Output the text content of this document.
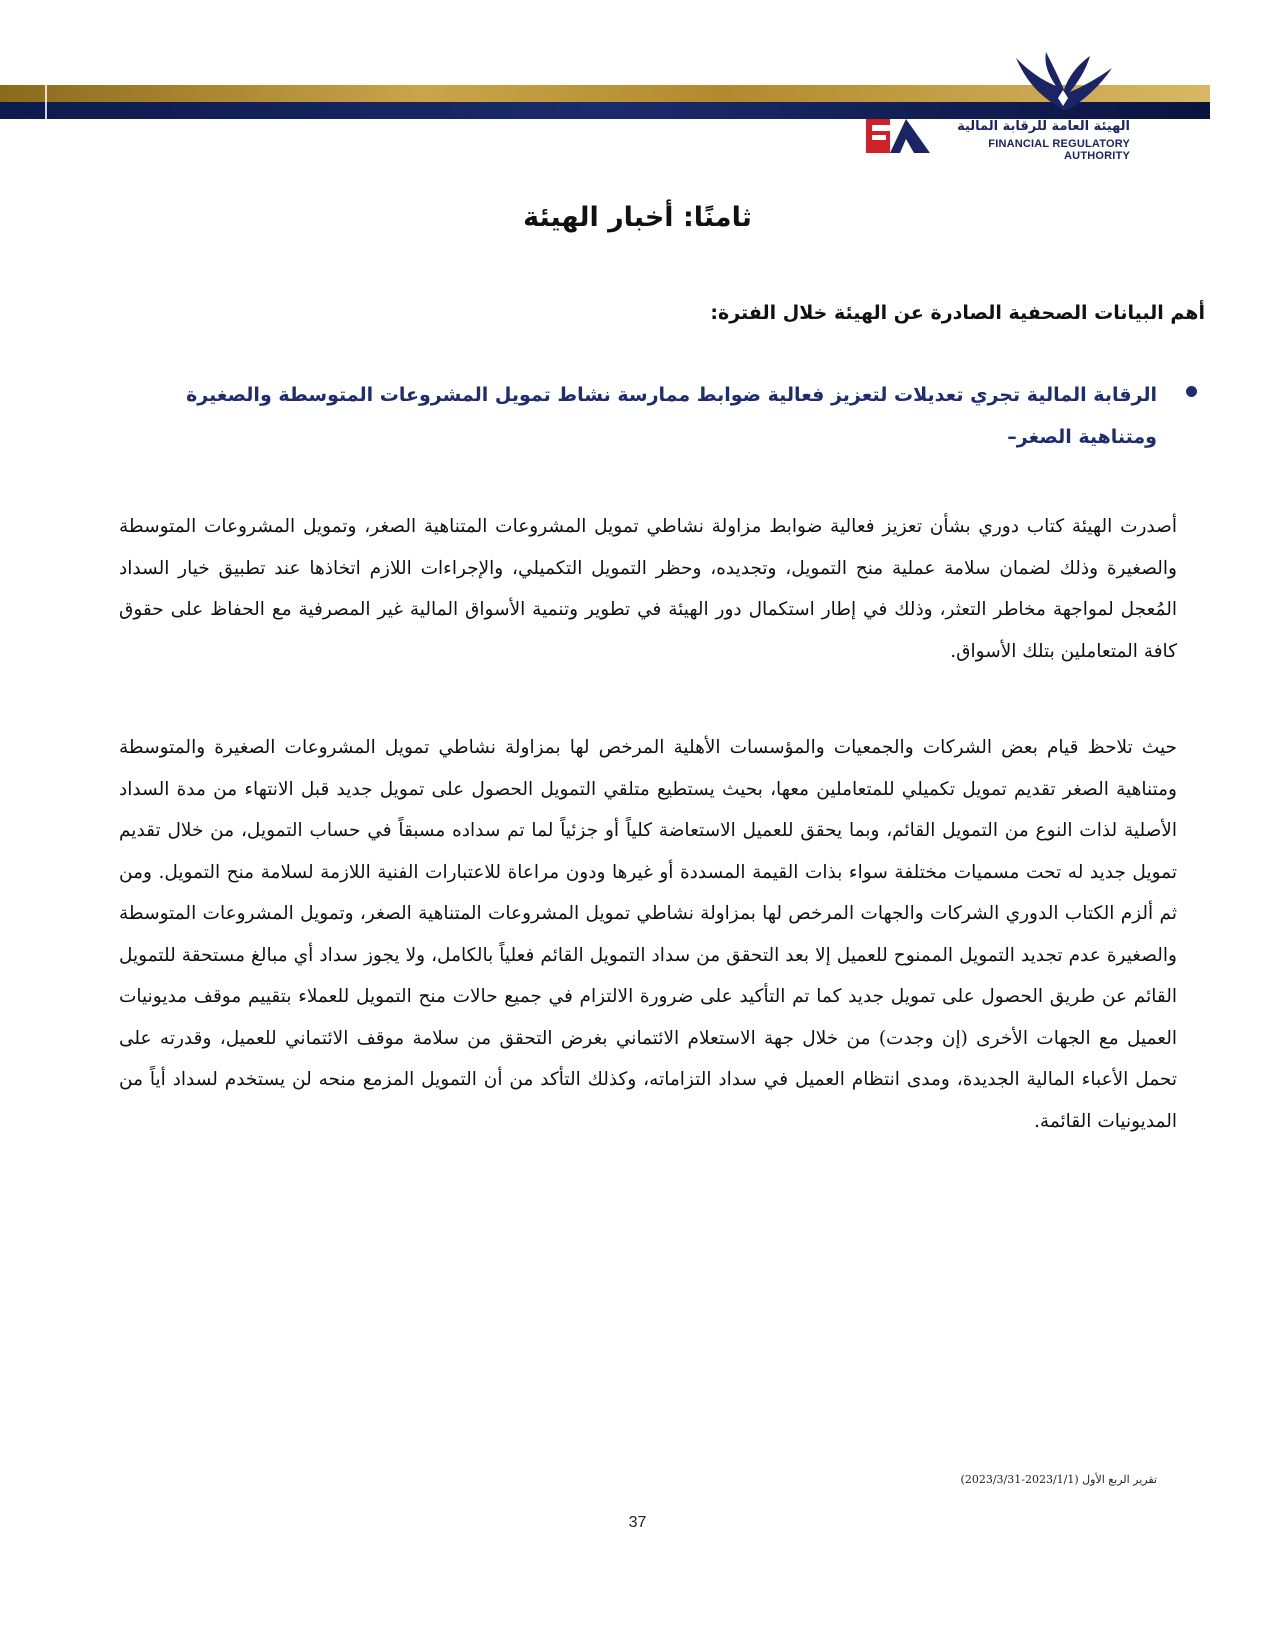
الهيئة العامة للرقابة المالية
FINANCIAL REGULATORY AUTHORITY
ثامنًا: أخبار الهيئة
أهم البيانات الصحفية الصادرة عن الهيئة خلال الفترة:
الرقابة المالية تجري تعديلات لتعزيز فعالية ضوابط ممارسة نشاط تمويل المشروعات المتوسطة والصغيرة ومتناهية الصغر–
أصدرت الهيئة كتاب دوري بشأن تعزيز فعالية ضوابط مزاولة نشاطي تمويل المشروعات المتناهية الصغر، وتمويل المشروعات المتوسطة والصغيرة وذلك لضمان سلامة عملية منح التمويل، وتجديده، وحظر التمويل التكميلي، والإجراءات اللازم اتخاذها عند تطبيق خيار السداد المُعجل لمواجهة مخاطر التعثر، وذلك في إطار استكمال دور الهيئة في تطوير وتنمية الأسواق المالية غير المصرفية مع الحفاظ على حقوق كافة المتعاملين بتلك الأسواق.
حيث تلاحظ قيام بعض الشركات والجمعيات والمؤسسات الأهلية المرخص لها بمزاولة نشاطي تمويل المشروعات الصغيرة والمتوسطة ومتناهية الصغر تقديم تمويل تكميلي للمتعاملين معها، بحيث يستطيع متلقي التمويل الحصول على تمويل جديد قبل الانتهاء من مدة السداد الأصلية لذات النوع من التمويل القائم، وبما يحقق للعميل الاستعاضة كلياً أو جزئياً لما تم سداده مسبقاً في حساب التمويل، من خلال تقديم تمويل جديد له تحت مسميات مختلفة سواء بذات القيمة المسددة أو غيرها ودون مراعاة للاعتبارات الفنية اللازمة لسلامة منح التمويل. ومن ثم ألزم الكتاب الدوري الشركات والجهات المرخص لها بمزاولة نشاطي تمويل المشروعات المتناهية الصغر، وتمويل المشروعات المتوسطة والصغيرة عدم تجديد التمويل الممنوح للعميل إلا بعد التحقق من سداد التمويل القائم فعلياً بالكامل، ولا يجوز سداد أي مبالغ مستحقة للتمويل القائم عن طريق الحصول على تمويل جديد كما تم التأكيد على ضرورة الالتزام في جميع حالات منح التمويل للعملاء بتقييم موقف مديونيات العميل مع الجهات الأخرى (إن وجدت) من خلال جهة الاستعلام الائتماني بغرض التحقق من سلامة موقف الائتماني للعميل، وقدرته على تحمل الأعباء المالية الجديدة، ومدى انتظام العميل في سداد التزاماته، وكذلك التأكد من أن التمويل المزمع منحه لن يستخدم لسداد أياً من المديونيات القائمة.
تقرير الربع الأول (2023/1/1-2023/3/31)
37
